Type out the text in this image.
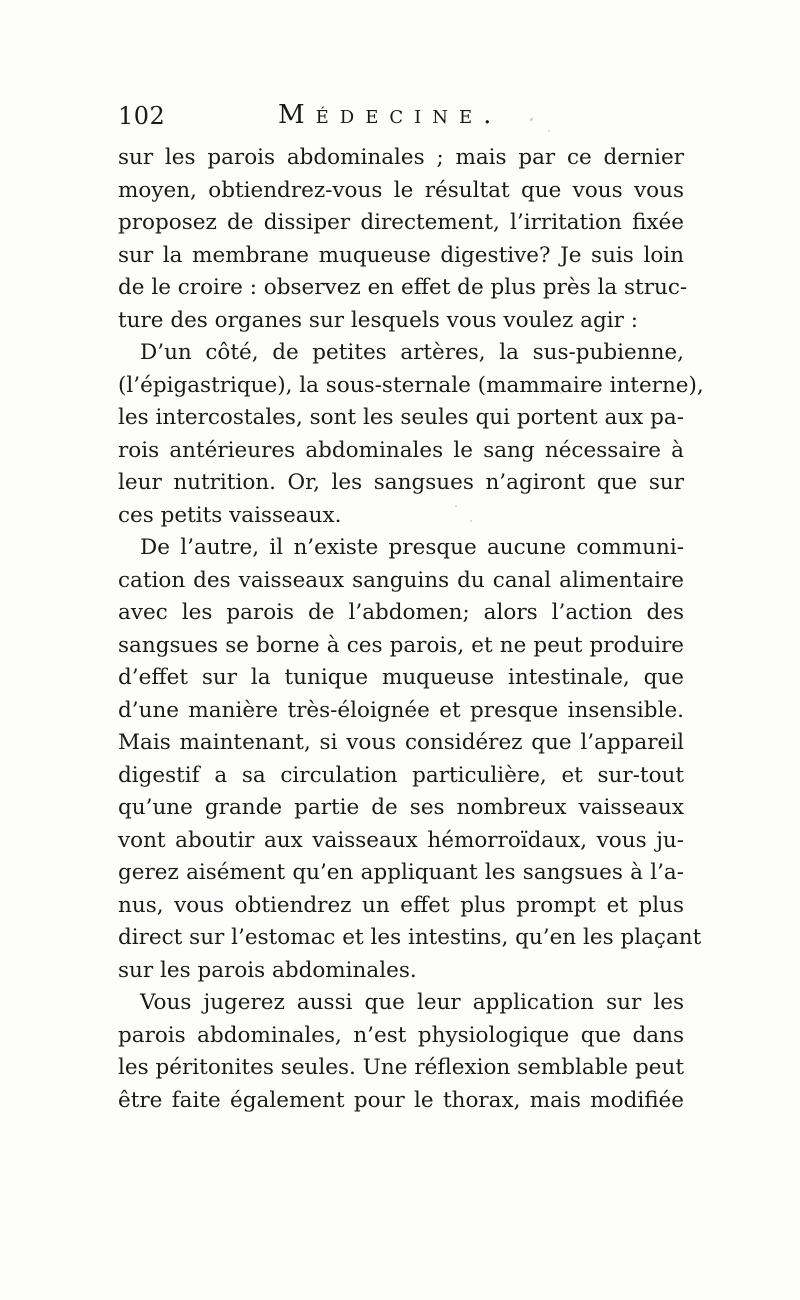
102	Médecine.
sur les parois abdominales ; mais par ce dernier
moyen, obtiendrez-vous le résultat que vous vous
proposez de dissiper directement, l’irritation fixée
sur la membrane muqueuse digestive? Je suis loin
de le croire : observez en effet de plus près la struc-
ture des organes sur lesquels vous voulez agir :
D’un côté, de petites artères, la sus-pubienne,
(l’épigastrique), la sous-sternale (mammaire interne),
les intercostales, sont les seules qui portent aux pa-
rois antérieures abdominales le sang nécessaire à
leur nutrition. Or, les sangsues n’agiront que sur
ces petits vaisseaux.
De l’autre, il n’existe presque aucune communi-
cation des vaisseaux sanguins du canal alimentaire
avec les parois de l’abdomen; alors l’action des
sangsues se borne à ces parois, et ne peut produire
d’effet sur la tunique muqueuse intestinale, que
d’une manière très-éloignée et presque insensible.
Mais maintenant, si vous considérez que l’appareil
digestif a sa circulation particulière, et sur-tout
qu’une grande partie de ses nombreux vaisseaux
vont aboutir aux vaisseaux hémorroïdaux, vous ju-
gerez aisément qu’en appliquant les sangsues à l’a-
nus, vous obtiendrez un effet plus prompt et plus
direct sur l’estomac et les intestins, qu’en les plaçant
sur les parois abdominales.
Vous jugerez aussi que leur application sur les
parois abdominales, n’est physiologique que dans
les péritonites seules. Une réflexion semblable peut
être faite également pour le thorax, mais modifiée
